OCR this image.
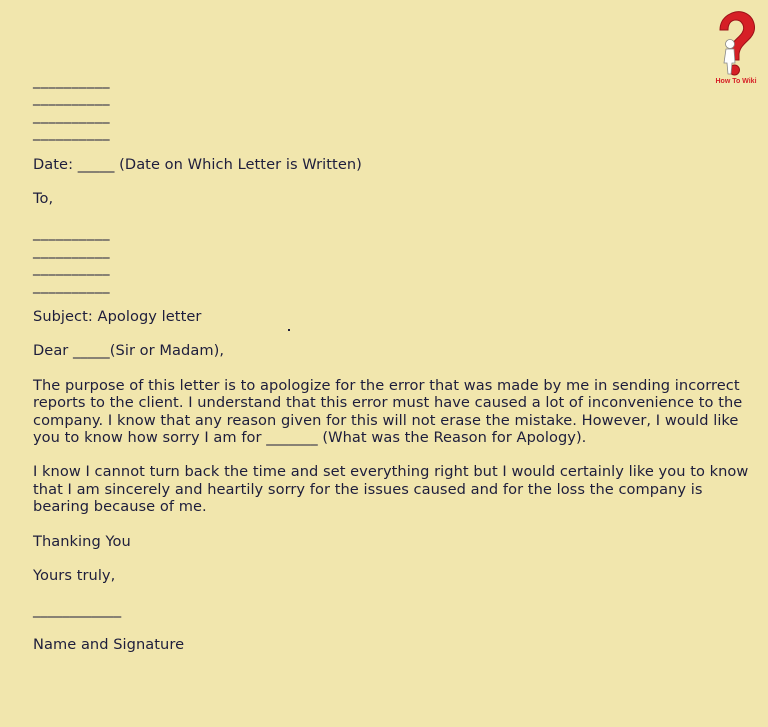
How To Wiki
__________
__________
__________
__________
Date: _____ (Date on Which Letter is Written)
To,
__________
__________
__________
__________
Subject: Apology letter
Dear _____(Sir or Madam),

The purpose of this letter is to apologize for the error that was made by me in sending incorrect reports to the client. I understand that this error must have caused a lot of inconvenience to the company. I know that any reason given for this will not erase the mistake. However, I would like you to know how sorry I am for _______ (What was the Reason for Apology).

I know I cannot turn back the time and set everything right but I would certainly like you to know that I am sincerely and heartily sorry for the issues caused and for the loss the company is bearing because of me.

Thanking You
Yours truly,
____________
Name and Signature
